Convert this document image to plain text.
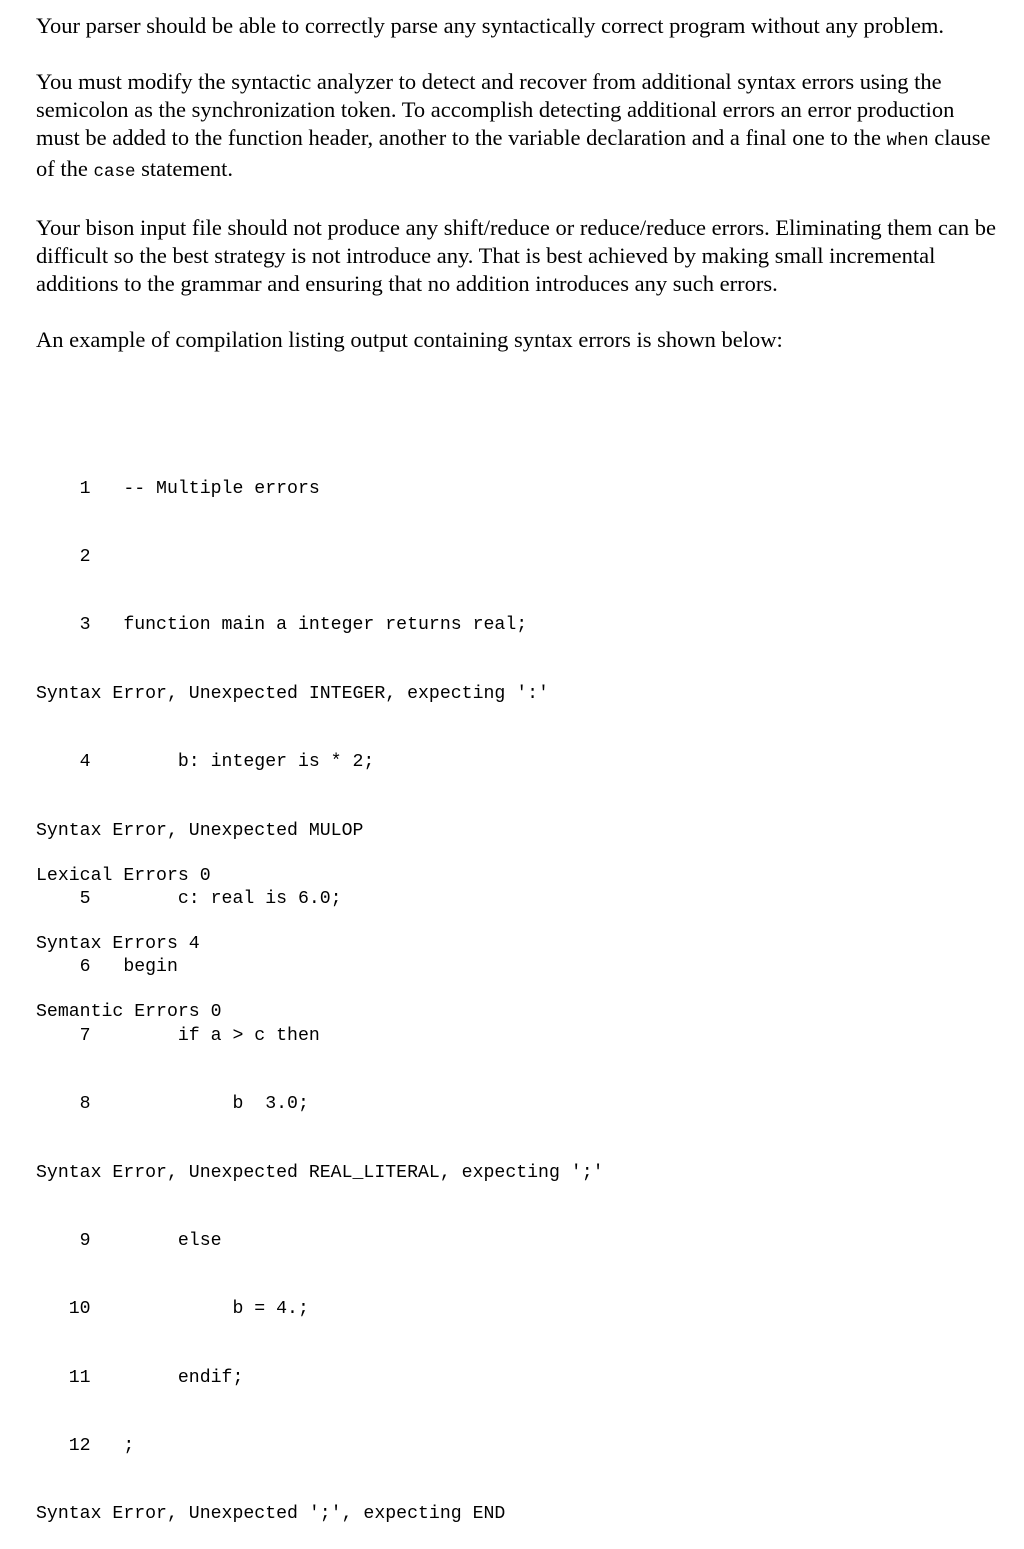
Your parser should be able to correctly parse any syntactically correct program without any problem.

You must modify the syntactic analyzer to detect and recover from additional syntax errors using the semicolon as the synchronization token. To accomplish detecting additional errors an error production must be added to the function header, another to the variable declaration and a final one to the when clause of the case statement.

Your bison input file should not produce any shift/reduce or reduce/reduce errors. Eliminating them can be difficult so the best strategy is not introduce any. That is best achieved by making small incremental additions to the grammar and ensuring that no addition introduces any such errors.

An example of compilation listing output containing syntax errors is shown below:

1   -- Multiple errors

2

3   function main a integer returns real;

Syntax Error, Unexpected INTEGER, expecting ':'

4        b: integer is * 2;

Syntax Error, Unexpected MULOP

5        c: real is 6.0;

6   begin

7        if a > c then

8             b  3.0;

Syntax Error, Unexpected REAL_LITERAL, expecting ';'

9        else

10             b = 4.;

11        endif;

12   ;

Syntax Error, Unexpected ';', expecting END

Lexical Errors 0

Syntax Errors 4

Semantic Errors 0
